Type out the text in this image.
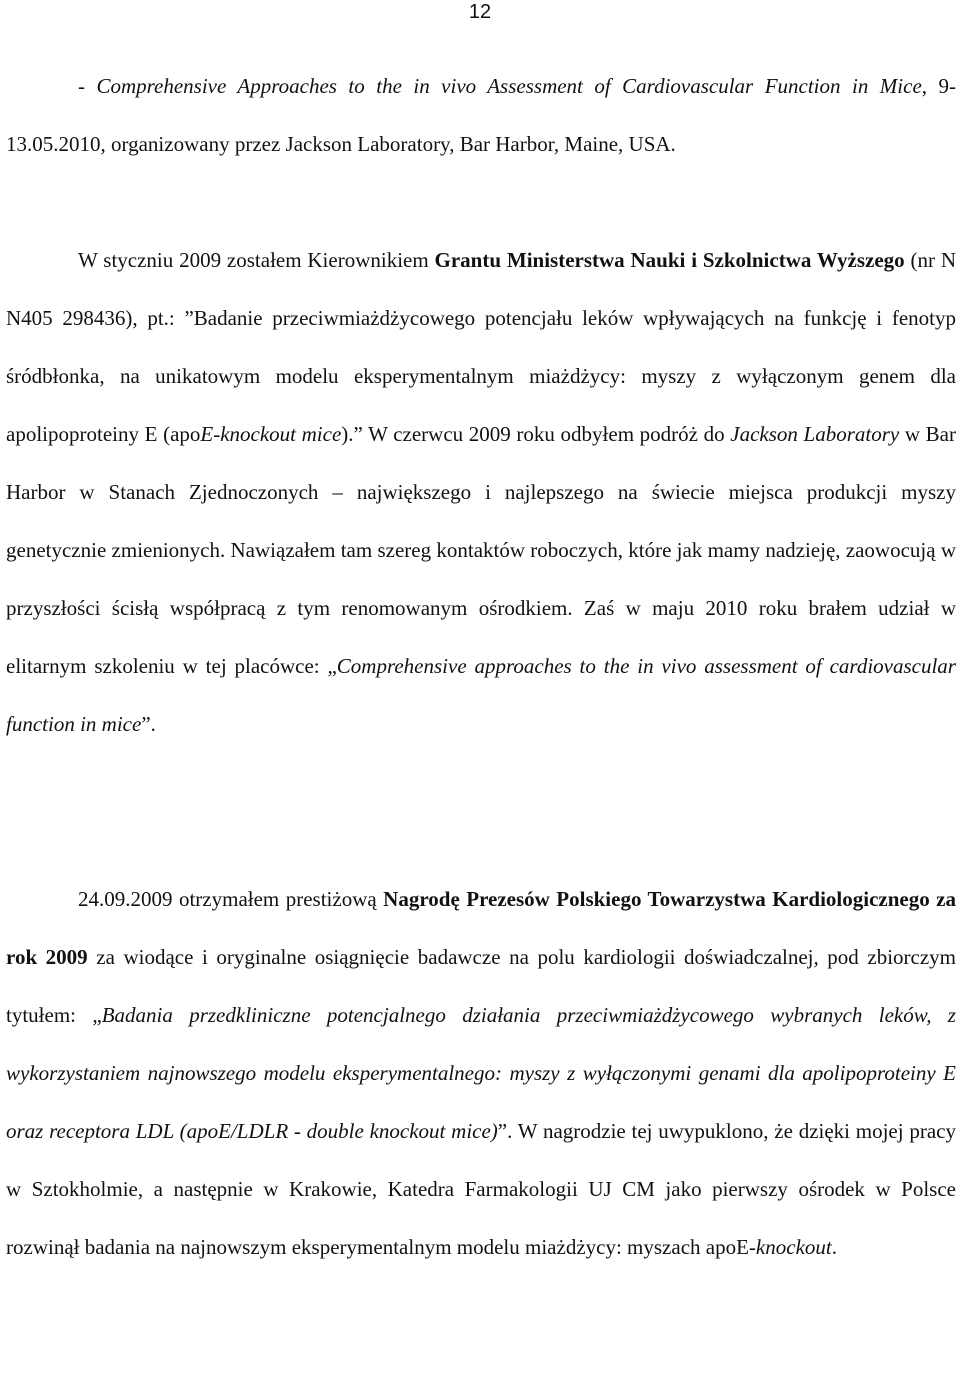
12

- Comprehensive Approaches to the in vivo Assessment of Cardiovascular Function in Mice, 9-13.05.2010, organizowany przez Jackson Laboratory, Bar Harbor, Maine, USA.

W styczniu 2009 zostałem Kierownikiem Grantu Ministerstwa Nauki i Szkolnictwa Wyższego (nr N N405 298436), pt.: ”Badanie przeciwmiażdżycowego potencjału leków wpływających na funkcję i fenotyp śródbłonka, na unikatowym modelu eksperymentalnym miażdżycy: myszy z wyłączonym genem dla apolipoproteiny E (apoE-knockout mice).” W czerwcu 2009 roku odbyłem podróż do Jackson Laboratory w Bar Harbor w Stanach Zjednoczonych – największego i najlepszego na świecie miejsca produkcji myszy genetycznie zmienionych. Nawiązałem tam szereg kontaktów roboczych, które jak mamy nadzieję, zaowocują w przyszłości ścisłą współpracą z tym renomowanym ośrodkiem. Zaś w maju 2010 roku brałem udział w elitarnym szkoleniu w tej placówce: „Comprehensive approaches to the in vivo assessment of cardiovascular function in mice”.

24.09.2009 otrzymałem prestiżową Nagrodę Prezesów Polskiego Towarzystwa Kardiologicznego za rok 2009 za wiodące i oryginalne osiągnięcie badawcze na polu kardiologii doświadczalnej, pod zbiorczym tytułem: „Badania przedkliniczne potencjalnego działania przeciwmiażdżycowego wybranych leków, z wykorzystaniem najnowszego modelu eksperymentalnego: myszy z wyłączonymi genami dla apolipoproteiny E oraz receptora LDL (apoE/LDLR - double knockout mice)”. W nagrodzie tej uwypuklono, że dzięki mojej pracy w Sztokholmie, a następnie w Krakowie, Katedra Farmakologii UJ CM jako pierwszy ośrodek w Polsce rozwinął badania na najnowszym eksperymentalnym modelu miażdżycy: myszach apoE-knockout.
